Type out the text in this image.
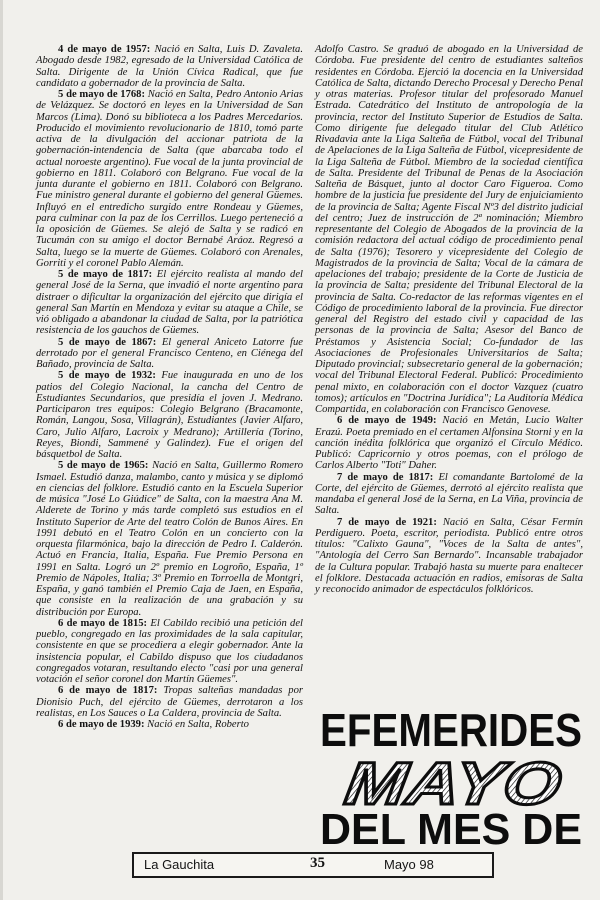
4 de mayo de 1957: Nació en Salta, Luis D. Zavaleta. Abogado desde 1982, egresado de la Universidad Católica de Salta. Dirigente de la Unión Cívica Radical, que fue candidato a gobernador de la provincia de Salta.

5 de mayo de 1768: Nació en Salta, Pedro Antonio Arias de Velázquez. Se doctoró en leyes en la Universidad de San Marcos (Lima). Donó su biblioteca a los Padres Mercedarios. Producido el movimiento revolucionario de 1810, tomó parte activa de la divulgación del accionar patriota de la gobernación-intendencia de Salta (que abarcaba todo el actual noroeste argentino). Fue vocal de la junta provincial de gobierno en 1811. Colaboró con Belgrano. Fue vocal de la junta durante el gobierno en 1811. Colaboró con Belgrano. Fue ministro general durante el gobierno del general Güemes. Influyó en el entredicho surgido entre Rondeau y Güemes, para culminar con la paz de los Cerrillos. Luego perteneció a la oposición de Güemes. Se alejó de Salta y se radicó en Tucumán con su amigo el doctor Bernabé Aráoz. Regresó a Salta, luego se la muerte de Güemes. Colaboró con Arenales, Gorriti y el coronel Pablo Alemán.

5 de mayo de 1817: El ejército realista al mando del general José de la Serna, que invadió el norte argentino para distraer o dificultar la organización del ejército que dirigía el general San Martín en Mendoza y evitar su ataque a Chile, se vió obligado a abandonar la ciudad de Salta, por la patriótica resistencia de los gauchos de Güemes.

5 de mayo de 1867: El general Aniceto Latorre fue derrotado por el general Francisco Centeno, en Ciénega del Bañado, provincia de Salta.

5 de mayo de 1932: Fue inaugurada en uno de los patios del Colegio Nacional, la cancha del Centro de Estudiantes Secundarios, que presidía el joven J. Medrano. Participaron tres equipos: Colegio Belgrano (Bracamonte, Román, Langou, Sosa, Villagrán), Estudiantes (Javier Alfaro, Caro, Julio Alfaro, Lacroix y Medrano); Artillería (Torino, Reyes, Biondi, Sammené y Galindez). Fue el origen del básquetbol de Salta.

5 de mayo de 1965: Nació en Salta, Guillermo Romero Ismael. Estudió danza, malambo, canto y música y se diplomó en ciencias del folklore. Estudió canto en la Escuela Superior de música "José Lo Giúdice" de Salta, con la maestra Ana M. Alderete de Torino y más tarde completó sus estudios en el Instituto Superior de Arte del teatro Colón de Bunos Aires. En 1991 debutó en el Teatro Colón en un concierto con la orquesta filarmónica, bajo la dirección de Pedro I. Calderón. Actuó en Francia, Italia, España. Fue Premio Persona en 1991 en Salta. Logró un 2º premio en Logroño, España, 1º Premio de Nápoles, Italia; 3º Premio en Torroella de Montgri, España, y ganó también el Premio Caja de Jaen, en España, que consiste en la realización de una grabación y su distribución por Europa.

6 de mayo de 1815: El Cabildo recibió una petición del pueblo, congregado en las proximidades de la sala capitular, consistente en que se procediera a elegir gobernador. Ante la insistencia popular, el Cabildo dispuso que los ciudadanos congregados votaran, resultando electo "casi por una general votación el señor coronel don Martín Güemes".

6 de mayo de 1817: Tropas salteñas mandadas por Dionisio Puch, del ejército de Güemes, derrotaron a los realistas, en Los Sauces o La Caldera, provincia de Salta.

6 de mayo de 1939: Nació en Salta, Roberto

Adolfo Castro. Se graduó de abogado en la Universidad de Córdoba. Fue presidente del centro de estudiantes salteños residentes en Córdoba. Ejerció la docencia en la Universidad Católica de Salta, dictando Derecho Procesal y Derecho Penal y otras materias. Profesor titular del profesorado Manuel Estrada. Catedrático del Instituto de antropología de la provincia, rector del Instituto Superior de Estudios de Salta. Como dirigente fue delegado titular del Club Atlético Rivadavia ante la Liga Salteña de Fútbol, vocal del Tribunal de Apelaciones de la Liga Salteña de Fútbol, vicepresidente de la Liga Salteña de Fútbol. Miembro de la sociedad científica de Salta. Presidente del Tribunal de Penas de la Asociación Salteña de Básquet, junto al doctor Caro Figueroa. Como hombre de la justicia fue presidente del Jury de enjuiciamiento de la provincia de Salta; Agente Fiscal Nº3 del distrito judicial del centro; Juez de instrucción de 2ª nominación; Miembro representante del Colegio de Abogados de la provincia de la comisión redactora del actual código de procedimiento penal de Salta (1976); Tesorero y vicepresidente del Colegio de Magistrados de la provincia de Salta; Vocal de la cámara de apelaciones del trabajo; presidente de la Corte de Justicia de la provincia de Salta; presidente del Tribunal Electoral de la provincia de Salta. Co-redactor de las reformas vigentes en el Código de procedimiento laboral de la provincia. Fue director general del Registro del estado civil y capacidad de las personas de la provincia de Salta; Asesor del Banco de Préstamos y Asistencia Social; Co-fundador de las Asociaciones de Profesionales Universitarios de Salta; Diputado provincial; subsecretario general de la gobernación; vocal del Tribunal Electoral Federal. Publicó: Procedimiento penal mixto, en colaboración con el doctor Vazquez (cuatro tomos); artículos en "Doctrina Jurídica"; La Auditoría Médica Compartida, en colaboración con Francisco Genovese.

6 de mayo de 1949: Nació en Metán, Lucio Walter Erazú. Poeta premiado en el certamen Alfonsina Storni y en la canción inédita folklórica que organizó el Círculo Médico. Publicó: Capricornio y otros poemas, con el prólogo de Carlos Alberto "Toti" Daher.

7 de mayo de 1817: El comandante Bartolomé de la Corte, del ejército de Güemes, derrotó al ejército realista que mandaba el general José de la Serna, en La Viña, provincia de Salta.

7 de mayo de 1921: Nació en Salta, César Fermín Perdiguero. Poeta, escritor, periodista. Publicó entre otros títulos: "Calixto Gauna", "Voces de la Salta de antes", "Antología del Cerro San Bernardo". Incansable trabajador de la Cultura popular. Trabajó hasta su muerte para enaltecer el folklore. Destacada actuación en radios, emisoras de Salta y reconocido animador de espectáculos folklóricos.

EFEMERIDES
MAYO
DEL MES DE
La Gauchita	35	Mayo 98
